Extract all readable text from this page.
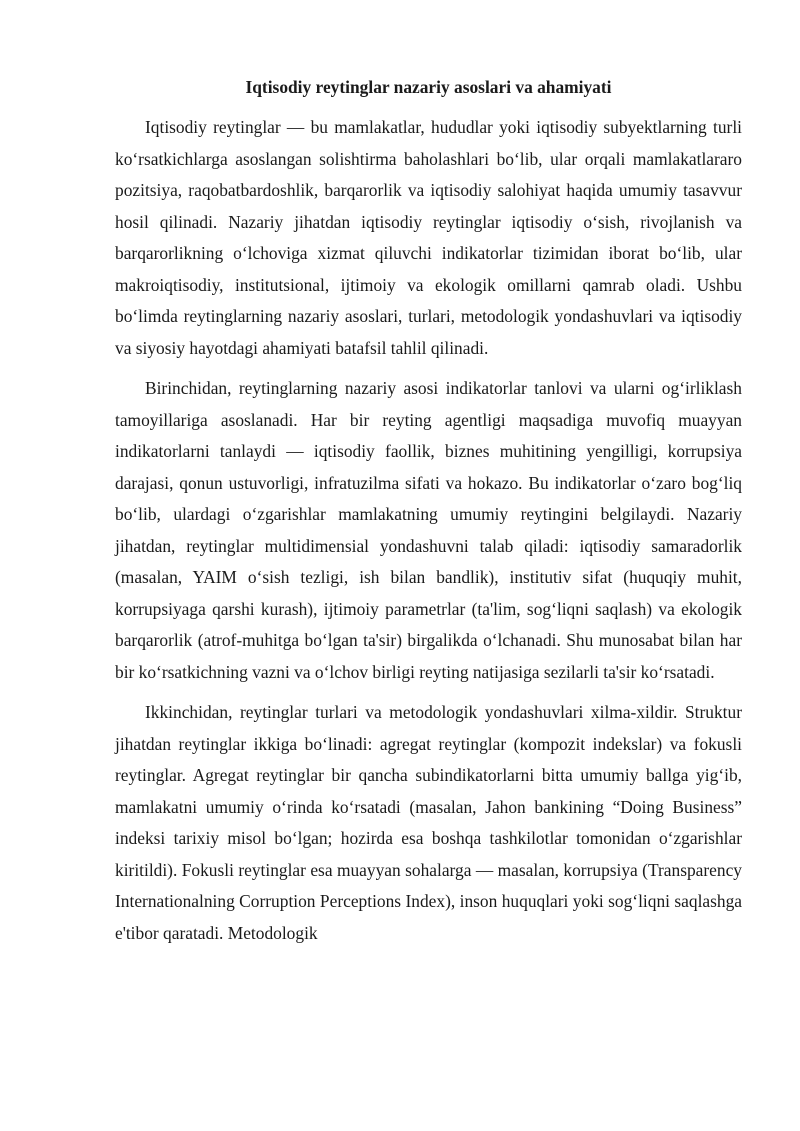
Iqtisodiy reytinglar nazariy asoslari va ahamiyati

Iqtisodiy reytinglar — bu mamlakatlar, hududlar yoki iqtisodiy subyektlarning turli ko‘rsatkichlarga asoslangan solishtirma baholashlari bo‘lib, ular orqali mamlakatlararo pozitsiya, raqobatbardoshlik, barqarorlik va iqtisodiy salohiyat haqida umumiy tasavvur hosil qilinadi. Nazariy jihatdan iqtisodiy reytinglar iqtisodiy o‘sish, rivojlanish va barqarorlikning o‘lchoviga xizmat qiluvchi indikatorlar tizimidan iborat bo‘lib, ular makroiqtisodiy, institutsional, ijtimoiy va ekologik omillarni qamrab oladi. Ushbu bo‘limda reytinglarning nazariy asoslari, turlari, metodologik yondashuvlari va iqtisodiy va siyosiy hayotdagi ahamiyati batafsil tahlil qilinadi.

Birinchidan, reytinglarning nazariy asosi indikatorlar tanlovi va ularni og‘irliklash tamoyillariga asoslanadi. Har bir reyting agentligi maqsadiga muvofiq muayyan indikatorlarni tanlaydi — iqtisodiy faollik, biznes muhitining yengilligi, korrupsiya darajasi, qonun ustuvorligi, infratuzilma sifati va hokazo. Bu indikatorlar o‘zaro bog‘liq bo‘lib, ulardagi o‘zgarishlar mamlakatning umumiy reytingini belgilaydi. Nazariy jihatdan, reytinglar multidimensial yondashuvni talab qiladi: iqtisodiy samaradorlik (masalan, YAIM o‘sish tezligi, ish bilan bandlik), institutiv sifat (huquqiy muhit, korrupsiyaga qarshi kurash), ijtimoiy parametrlar (ta'lim, sog‘liqni saqlash) va ekologik barqarorlik (atrof-muhitga bo‘lgan ta'sir) birgalikda o‘lchanadi. Shu munosabat bilan har bir ko‘rsatkichning vazni va o‘lchov birligi reyting natijasiga sezilarli ta'sir ko‘rsatadi.

Ikkinchidan, reytinglar turlari va metodologik yondashuvlari xilma-xildir. Struktur jihatdan reytinglar ikkiga bo‘linadi: agregat reytinglar (kompozit indekslar) va fokusli reytinglar. Agregat reytinglar bir qancha subindikatorlarni bitta umumiy ballga yig‘ib, mamlakatni umumiy o‘rinda ko‘rsatadi (masalan, Jahon bankining “Doing Business” indeksi tarixiy misol bo‘lgan; hozirda esa boshqa tashkilotlar tomonidan o‘zgarishlar kiritildi). Fokusli reytinglar esa muayyan sohalarga — masalan, korrupsiya (Transparency Internationalning Corruption Perceptions Index), inson huquqlari yoki sog‘liqni saqlashga e'tibor qaratadi. Metodologik
